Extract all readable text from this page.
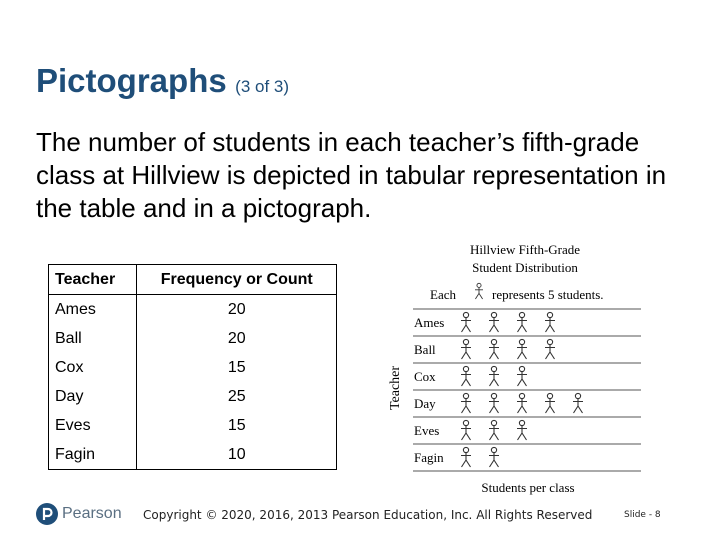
Pictographs (3 of 3)
The number of students in each teacher’s fifth-grade class at Hillview is depicted in tabular representation in the table and in a pictograph.
Teacher	Frequency or Count
Ames	20
Ball	20
Cox	15
Day	25
Eves	15
Fagin	10
Hillview Fifth-Grade
Student Distribution
Each	represents 5 students.
Ames
Ball
Cox
Day
Eves
Fagin
Teacher
Students per class
Pearson Copyright © 2020, 2016, 2013 Pearson Education, Inc. All Rights Reserved	Slide - 8
